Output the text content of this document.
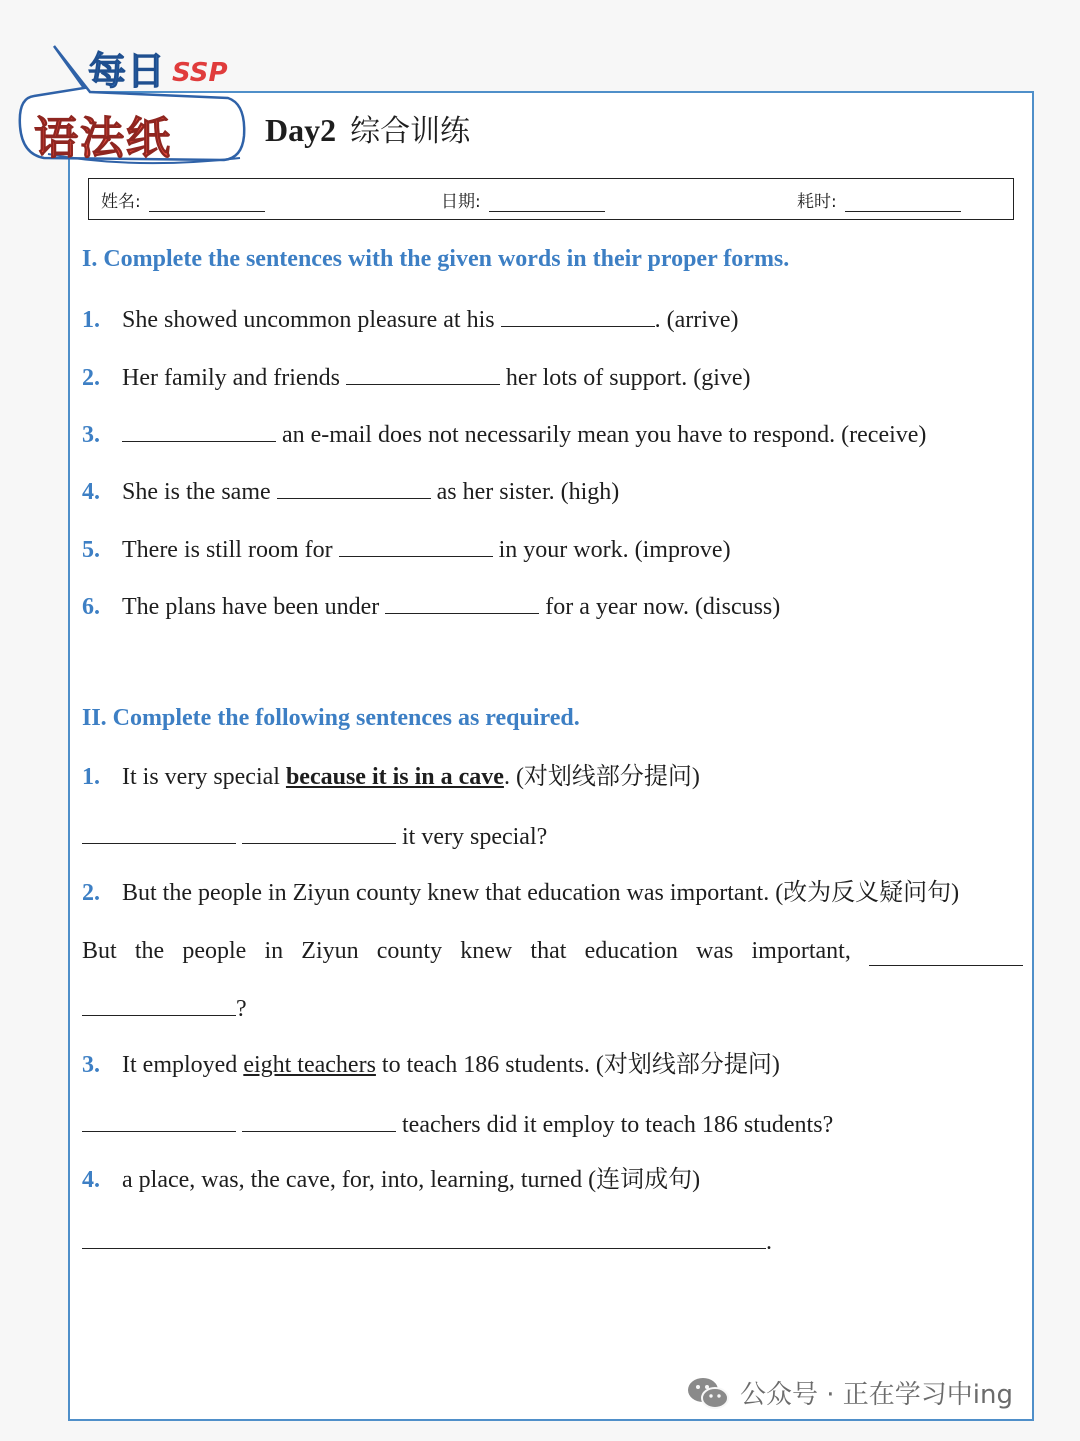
每日 SSP
语法纸	Day2 综合训练
姓名:	日期:	耗时:
I. Complete the sentences with the given words in their proper forms.
1. She showed uncommon pleasure at his	. (arrive)
2. Her family and friends	her lots of support. (give)
3.	an e-mail does not necessarily mean you have to respond. (receive)
4. She is the same	as her sister. (high)
5. There is still room for	in your work. (improve)
6. The plans have been under	for a year now. (discuss)
II. Complete the following sentences as required.
1. It is very special because it is in a cave. (对划线部分提问)
it very special?
2. But the people in Ziyun county knew that education was important. (改为反义疑问句)
But the people in Ziyun county knew that education was important,
?
3. It employed eight teachers to teach 186 students. (对划线部分提问)
teachers did it employ to teach 186 students?
4. a place, was, the cave, for, into, learning, turned (连词成句)
.
公众号 · 正在学习中ing
